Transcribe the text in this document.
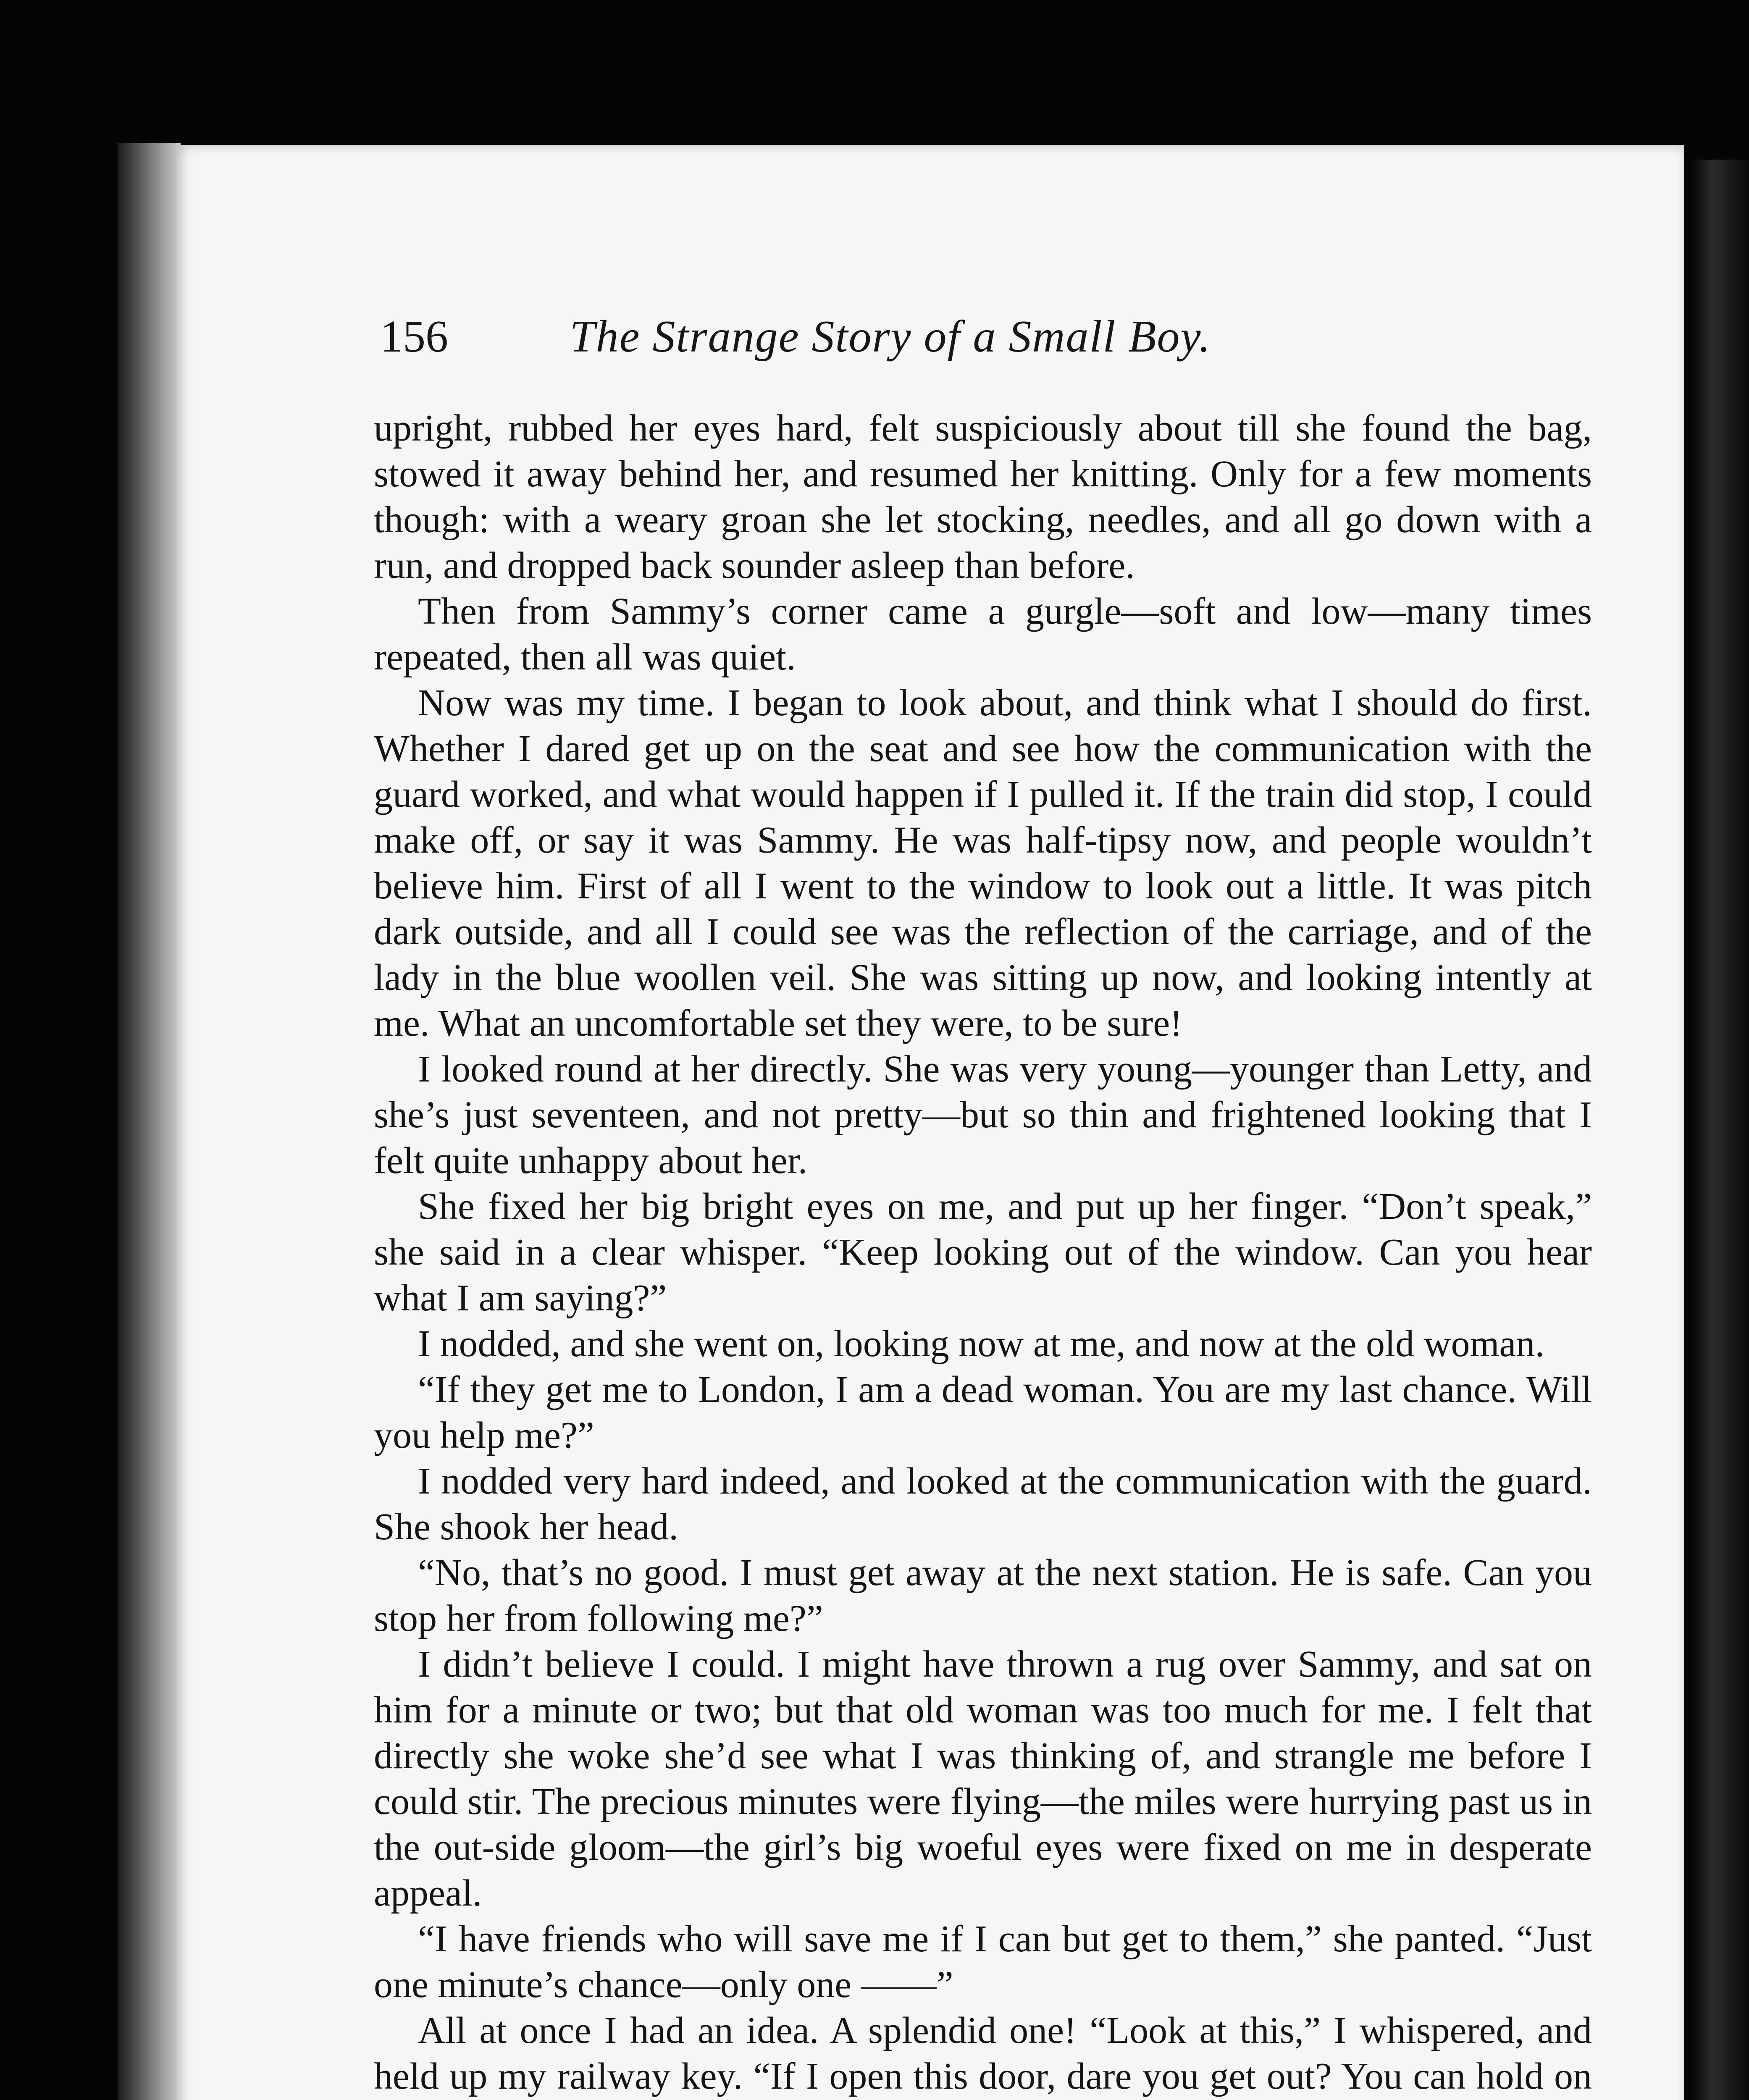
156	The Strange Story of a Small Boy.

upright, rubbed her eyes hard, felt suspiciously about till she found the bag, stowed it away behind her, and resumed her knitting. Only for a few moments though: with a weary groan she let stocking, needles, and all go down with a run, and dropped back sounder asleep than before.

Then from Sammy’s corner came a gurgle—soft and low—many times repeated, then all was quiet.

Now was my time. I began to look about, and think what I should do first. Whether I dared get up on the seat and see how the communication with the guard worked, and what would happen if I pulled it. If the train did stop, I could make off, or say it was Sammy. He was half-tipsy now, and people wouldn’t believe him. First of all I went to the window to look out a little. It was pitch dark outside, and all I could see was the reflection of the carriage, and of the lady in the blue woollen veil. She was sitting up now, and looking intently at me. What an uncomfortable set they were, to be sure!

I looked round at her directly. She was very young—younger than Letty, and she’s just seventeen, and not pretty—but so thin and frightened looking that I felt quite unhappy about her.

She fixed her big bright eyes on me, and put up her finger. “Don’t speak,” she said in a clear whisper. “Keep looking out of the window. Can you hear what I am saying?”

I nodded, and she went on, looking now at me, and now at the old woman.

“If they get me to London, I am a dead woman. You are my last chance. Will you help me?”

I nodded very hard indeed, and looked at the communication with the guard. She shook her head.

“No, that’s no good. I must get away at the next station. He is safe. Can you stop her from following me?”

I didn’t believe I could. I might have thrown a rug over Sammy, and sat on him for a minute or two; but that old woman was too much for me. I felt that directly she woke she’d see what I was thinking of, and strangle me before I could stir. The precious minutes were flying—the miles were hurrying past us in the out-side gloom—the girl’s big woeful eyes were fixed on me in desperate appeal.

“I have friends who will save me if I can but get to them,” she panted. “Just one minute’s chance—only one ——”

All at once I had an idea. A splendid one! “Look at this,” I whispered, and held up my railway key. “If I open this door, dare you get out? You can hold on
